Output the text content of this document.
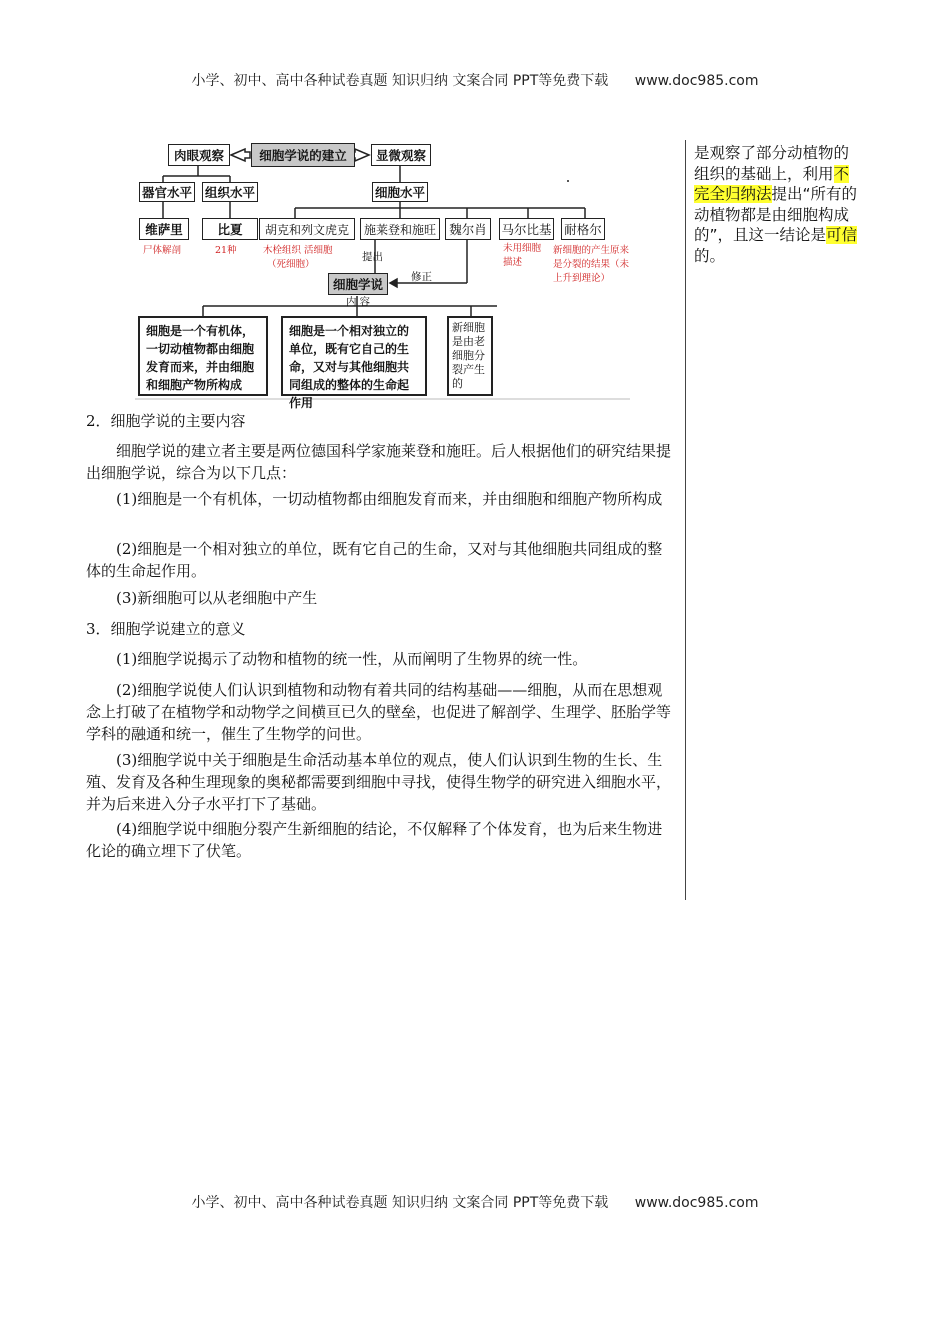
小学、初中、高中各种试卷真题 知识归纳 文案合同 PPT等免费下载 www.doc985.com
肉眼观察	细胞学说的建立	显微观察
器官水平 组织水平	细胞水平
维萨里	比夏	胡克和列文虎克	施莱登和施旺	魏尔肖	马尔比基 耐格尔
尸体解剖	21种	木栓组织 活细胞
（死细胞）
未用细胞描述
新细胞的产生原来是分裂的结果（未上升到理论）
提出
修正
细胞学说
内容
细胞是一个有机体，一切动植物都由细胞发育而来，并由细胞和细胞产物所构成
细胞是一个相对独立的单位，既有它自己的生命，又对与其他细胞共同组成的整体的生命起作用
新细胞是由老细胞分裂产生的
2．细胞学说的主要内容
细胞学说的建立者主要是两位德国科学家施莱登和施旺。后人根据他们的研究结果提出细胞学说，综合为以下几点：
(1)细胞是一个有机体，一切动植物都由细胞发育而来，并由细胞和细胞产物所构成
(2)细胞是一个相对独立的单位，既有它自己的生命，又对与其他细胞共同组成的整体的生命起作用。
(3)新细胞可以从老细胞中产生
3．细胞学说建立的意义
(1)细胞学说揭示了动物和植物的统一性，从而阐明了生物界的统一性。
(2)细胞学说使人们认识到植物和动物有着共同的结构基础——细胞，从而在思想观念上打破了在植物学和动物学之间横亘已久的壁垒，也促进了解剖学、生理学、胚胎学等学科的融通和统一，催生了生物学的问世。
(3)细胞学说中关于细胞是生命活动基本单位的观点，使人们认识到生物的生长、生殖、发育及各种生理现象的奥秘都需要到细胞中寻找，使得生物学的研究进入细胞水平，并为后来进入分子水平打下了基础。
(4)细胞学说中细胞分裂产生新细胞的结论，不仅解释了个体发育，也为后来生物进化论的确立埋下了伏笔。
是观察了部分动植物的组织的基础上，利用不完全归纳法提出“所有的动植物都是由细胞构成的”，且这一结论是可信的。
小学、初中、高中各种试卷真题 知识归纳 文案合同 PPT等免费下载 www.doc985.com
